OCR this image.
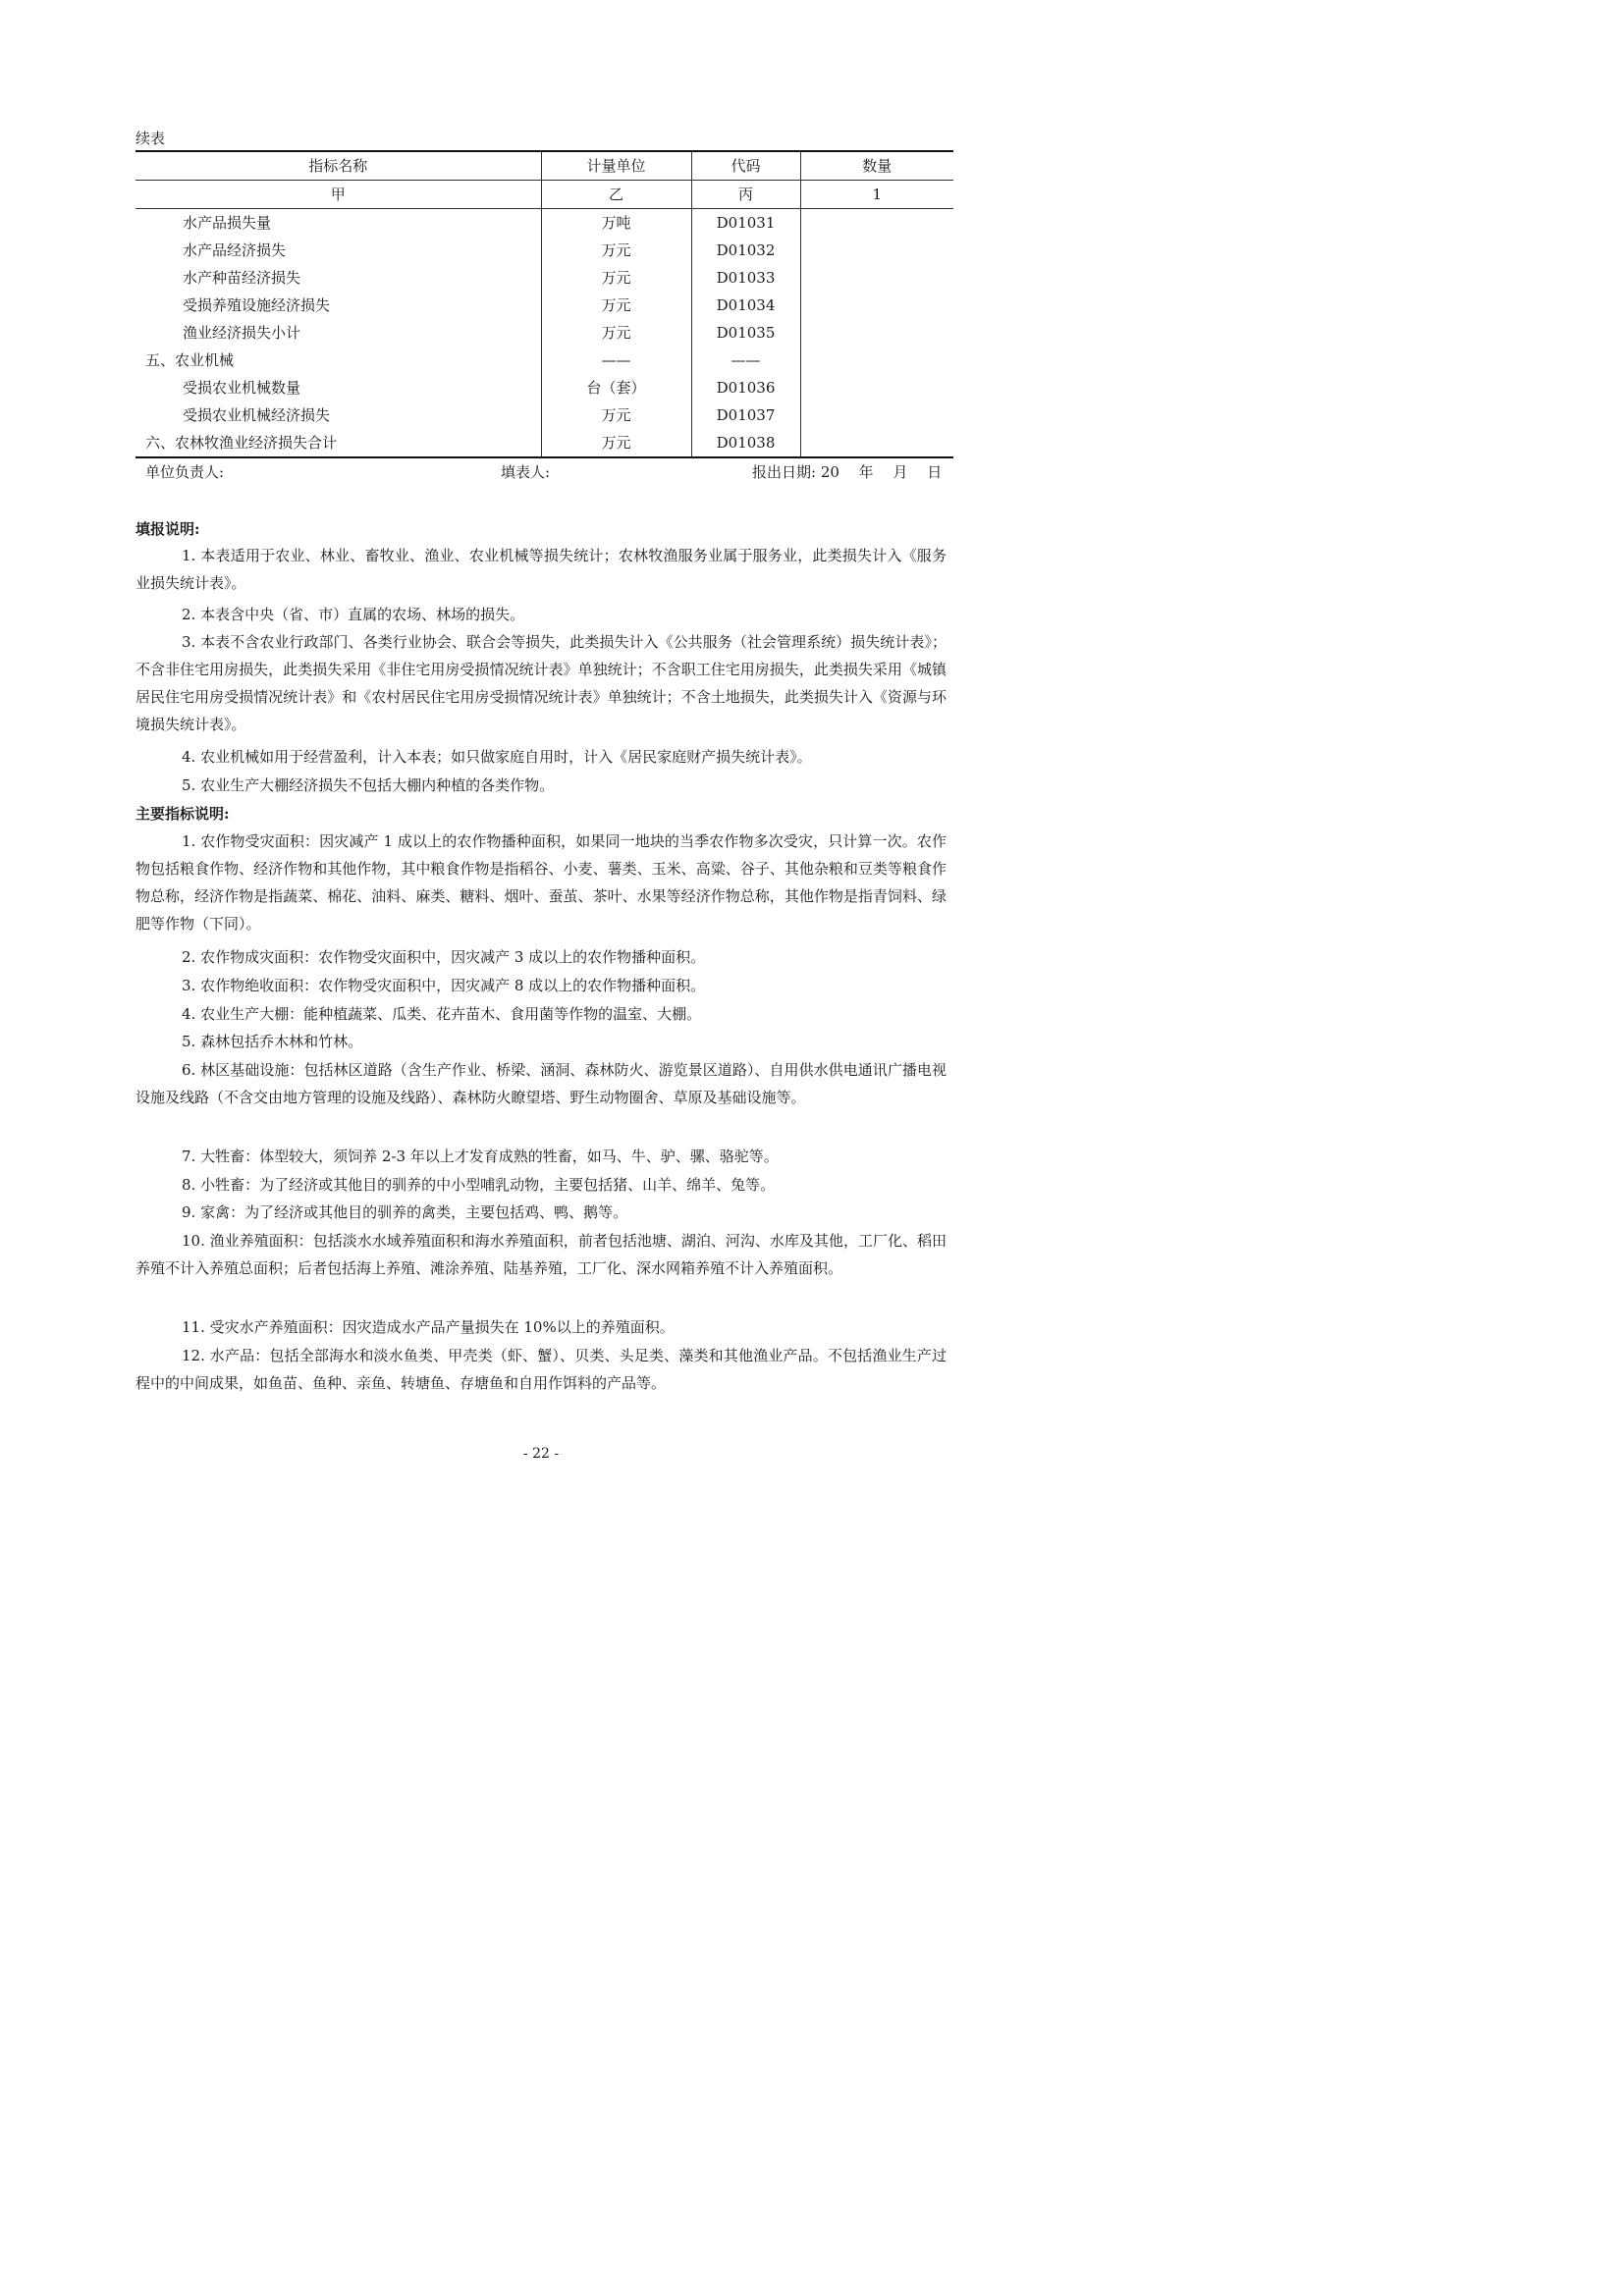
续表
指标名称	计量单位	代码	数量
甲	乙	丙	1
水产品损失量	万吨	D01031	
水产品经济损失	万元	D01032	
水产种苗经济损失	万元	D01033	
受损养殖设施经济损失	万元	D01034	
渔业经济损失小计	万元	D01035	
五、农业机械	——	——	
受损农业机械数量	台（套）	D01036	
受损农业机械经济损失	万元	D01037	
六、农林牧渔业经济损失合计	万元	D01038	
单位负责人:	填表人:	报出日期: 20　 年 　月 　日
填报说明:

1. 本表适用于农业、林业、畜牧业、渔业、农业机械等损失统计；农林牧渔服务业属于服务业，此类损失计入《服务业损失统计表》。

2. 本表含中央（省、市）直属的农场、林场的损失。

3. 本表不含农业行政部门、各类行业协会、联合会等损失，此类损失计入《公共服务（社会管理系统）损失统计表》；不含非住宅用房损失，此类损失采用《非住宅用房受损情况统计表》单独统计；不含职工住宅用房损失，此类损失采用《城镇居民住宅用房受损情况统计表》和《农村居民住宅用房受损情况统计表》单独统计；不含土地损失，此类损失计入《资源与环境损失统计表》。

4. 农业机械如用于经营盈利，计入本表；如只做家庭自用时，计入《居民家庭财产损失统计表》。

5. 农业生产大棚经济损失不包括大棚内种植的各类作物。

主要指标说明:

1. 农作物受灾面积：因灾减产 1 成以上的农作物播种面积，如果同一地块的当季农作物多次受灾，只计算一次。农作物包括粮食作物、经济作物和其他作物，其中粮食作物是指稻谷、小麦、薯类、玉米、高粱、谷子、其他杂粮和豆类等粮食作物总称，经济作物是指蔬菜、棉花、油料、麻类、糖料、烟叶、蚕茧、茶叶、水果等经济作物总称，其他作物是指青饲料、绿肥等作物（下同）。

2. 农作物成灾面积：农作物受灾面积中，因灾减产 3 成以上的农作物播种面积。

3. 农作物绝收面积：农作物受灾面积中，因灾减产 8 成以上的农作物播种面积。

4. 农业生产大棚：能种植蔬菜、瓜类、花卉苗木、食用菌等作物的温室、大棚。

5. 森林包括乔木林和竹林。

6. 林区基础设施：包括林区道路（含生产作业、桥梁、涵洞、森林防火、游览景区道路）、自用供水供电通讯广播电视设施及线路（不含交由地方管理的设施及线路）、森林防火瞭望塔、野生动物圈舍、草原及基础设施等。

7. 大牲畜：体型较大，须饲养 2-3 年以上才发育成熟的牲畜，如马、牛、驴、骡、骆驼等。

8. 小牲畜：为了经济或其他目的驯养的中小型哺乳动物，主要包括猪、山羊、绵羊、兔等。

9. 家禽：为了经济或其他目的驯养的禽类，主要包括鸡、鸭、鹅等。

10. 渔业养殖面积：包括淡水水域养殖面积和海水养殖面积，前者包括池塘、湖泊、河沟、水库及其他，工厂化、稻田养殖不计入养殖总面积；后者包括海上养殖、滩涂养殖、陆基养殖，工厂化、深水网箱养殖不计入养殖面积。

11. 受灾水产养殖面积：因灾造成水产品产量损失在 10%以上的养殖面积。

12. 水产品：包括全部海水和淡水鱼类、甲壳类（虾、蟹）、贝类、头足类、藻类和其他渔业产品。不包括渔业生产过程中的中间成果，如鱼苗、鱼种、亲鱼、转塘鱼、存塘鱼和自用作饵料的产品等。

- 22 -
